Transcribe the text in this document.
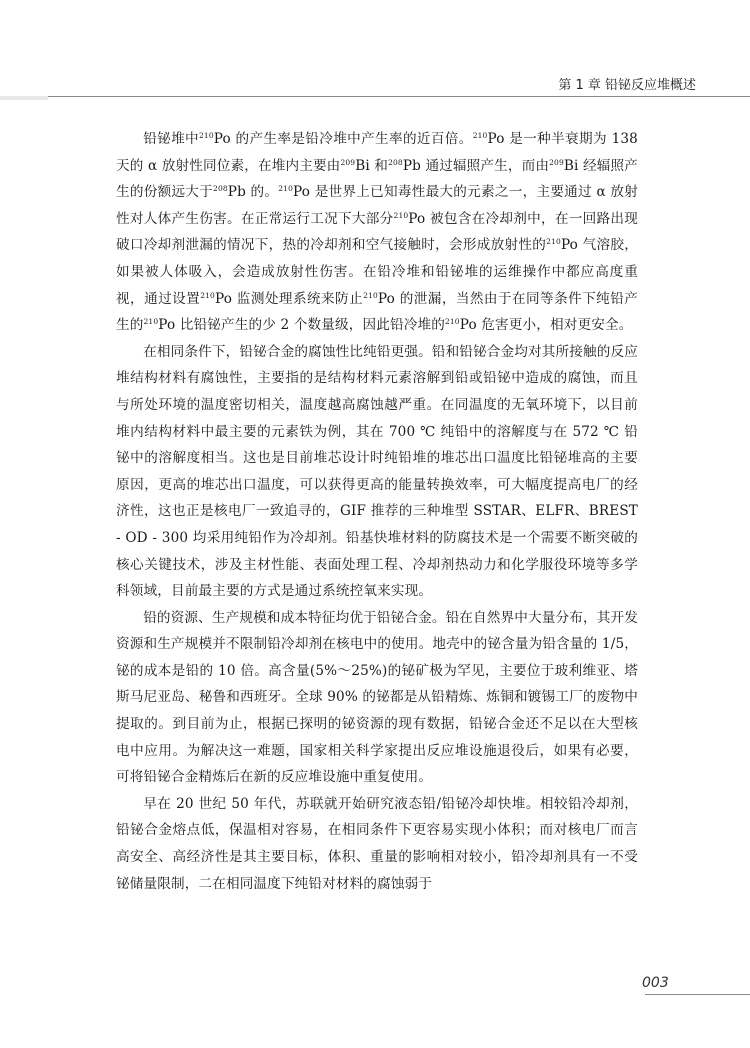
第 1 章 铅铋反应堆概述

铅铋堆中$^{210}$Po 的产生率是铅冷堆中产生率的近百倍。$^{210}$Po 是一种半衰期为 138 天的 α 放射性同位素，在堆内主要由$^{209}$Bi 和$^{208}$Pb 通过辐照产生，而由$^{209}$Bi 经辐照产生的份额远大于$^{208}$Pb 的。$^{210}$Po 是世界上已知毒性最大的元素之一，主要通过 α 放射性对人体产生伤害。在正常运行工况下大部分$^{210}$Po 被包含在冷却剂中，在一回路出现破口冷却剂泄漏的情况下，热的冷却剂和空气接触时，会形成放射性的$^{210}$Po 气溶胶，如果被人体吸入，会造成放射性伤害。在铅冷堆和铅铋堆的运维操作中都应高度重视，通过设置$^{210}$Po 监测处理系统来防止$^{210}$Po 的泄漏，当然由于在同等条件下纯铅产生的$^{210}$Po 比铅铋产生的少 2 个数量级，因此铅冷堆的$^{210}$Po 危害更小，相对更安全。

在相同条件下，铅铋合金的腐蚀性比纯铅更强。铅和铅铋合金均对其所接触的反应堆结构材料有腐蚀性，主要指的是结构材料元素溶解到铅或铅铋中造成的腐蚀，而且与所处环境的温度密切相关，温度越高腐蚀越严重。在同温度的无氧环境下，以目前堆内结构材料中最主要的元素铁为例，其在 700 ℃ 纯铅中的溶解度与在 572 ℃ 铅铋中的溶解度相当。这也是目前堆芯设计时纯铅堆的堆芯出口温度比铅铋堆高的主要原因，更高的堆芯出口温度，可以获得更高的能量转换效率，可大幅度提高电厂的经济性，这也正是核电厂一致追寻的，GIF 推荐的三种堆型 SSTAR、ELFR、BREST - OD - 300 均采用纯铅作为冷却剂。铅基快堆材料的防腐技术是一个需要不断突破的核心关键技术，涉及主材性能、表面处理工程、冷却剂热动力和化学服役环境等多学科领域，目前最主要的方式是通过系统控氧来实现。

铅的资源、生产规模和成本特征均优于铅铋合金。铅在自然界中大量分布，其开发资源和生产规模并不限制铅冷却剂在核电中的使用。地壳中的铋含量为铅含量的 1/5，铋的成本是铅的 10 倍。高含量(5%～25%)的铋矿极为罕见，主要位于玻利维亚、塔斯马尼亚岛、秘鲁和西班牙。全球 90% 的铋都是从铅精炼、炼铜和镀锡工厂的废物中提取的。到目前为止，根据已探明的铋资源的现有数据，铅铋合金还不足以在大型核电中应用。为解决这一难题，国家相关科学家提出反应堆设施退役后，如果有必要，可将铅铋合金精炼后在新的反应堆设施中重复使用。

早在 20 世纪 50 年代，苏联就开始研究液态铅/铅铋冷却快堆。相较铅冷却剂，铅铋合金熔点低，保温相对容易，在相同条件下更容易实现小体积；而对核电厂而言高安全、高经济性是其主要目标，体积、重量的影响相对较小，铅冷却剂具有一不受铋储量限制，二在相同温度下纯铅对材料的腐蚀弱于

003
